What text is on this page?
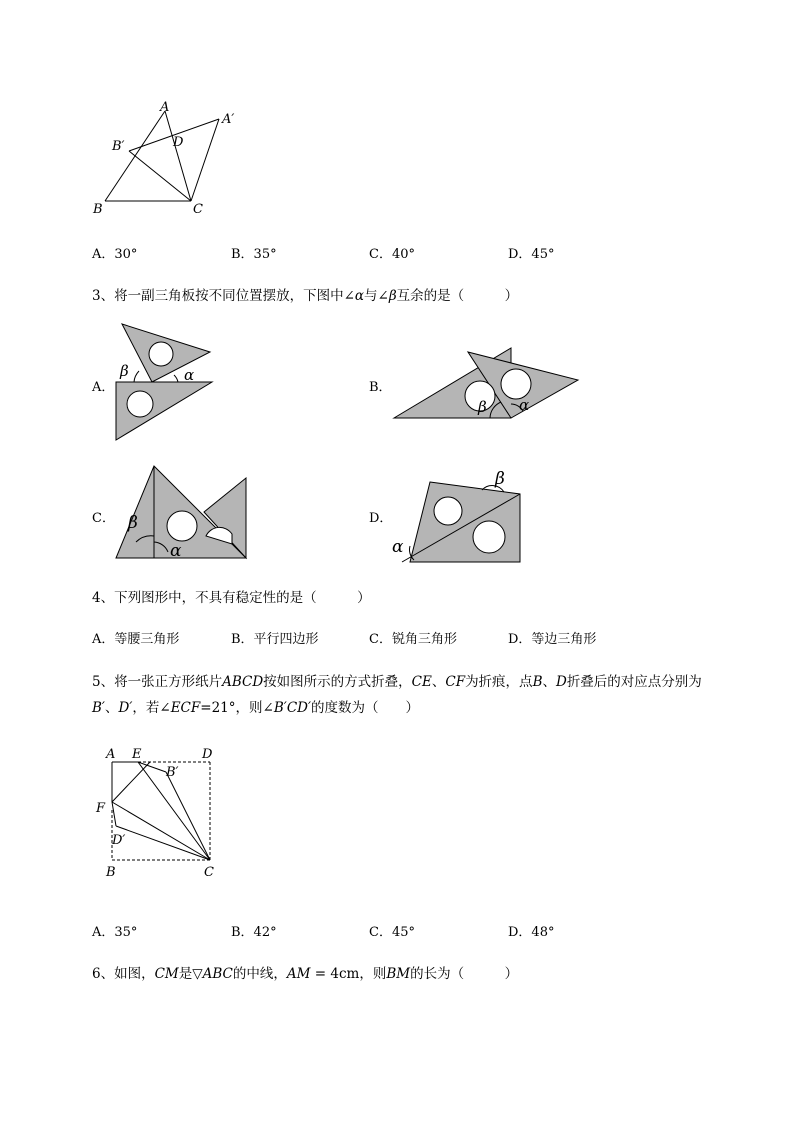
A
A′
B′	D
B	C
A．30°	B．35°	C．40°	D．45°
3、将一副三角板按不同位置摆放，下图中∠α与∠β互余的是（　　　）
A．	B．
C．	D．
β	α
β α
β
α
β
α
4、下列图形中，不具有稳定性的是（　　　）
A．等腰三角形	B．平行四边形	C．锐角三角形	D．等边三角形
5、将一张正方形纸片ABCD按如图所示的方式折叠，CE、CF为折痕，点B、D折叠后的对应点分别为
B′、D′，若∠ECF=21°，则∠B′CD′的度数为（　　）
A E	D
B′
F
D′
B	C
A．35°	B．42°	C．45°	D．48°
6、如图，CM是▽ABC的中线，AM = 4cm，则BM的长为（　　　）
